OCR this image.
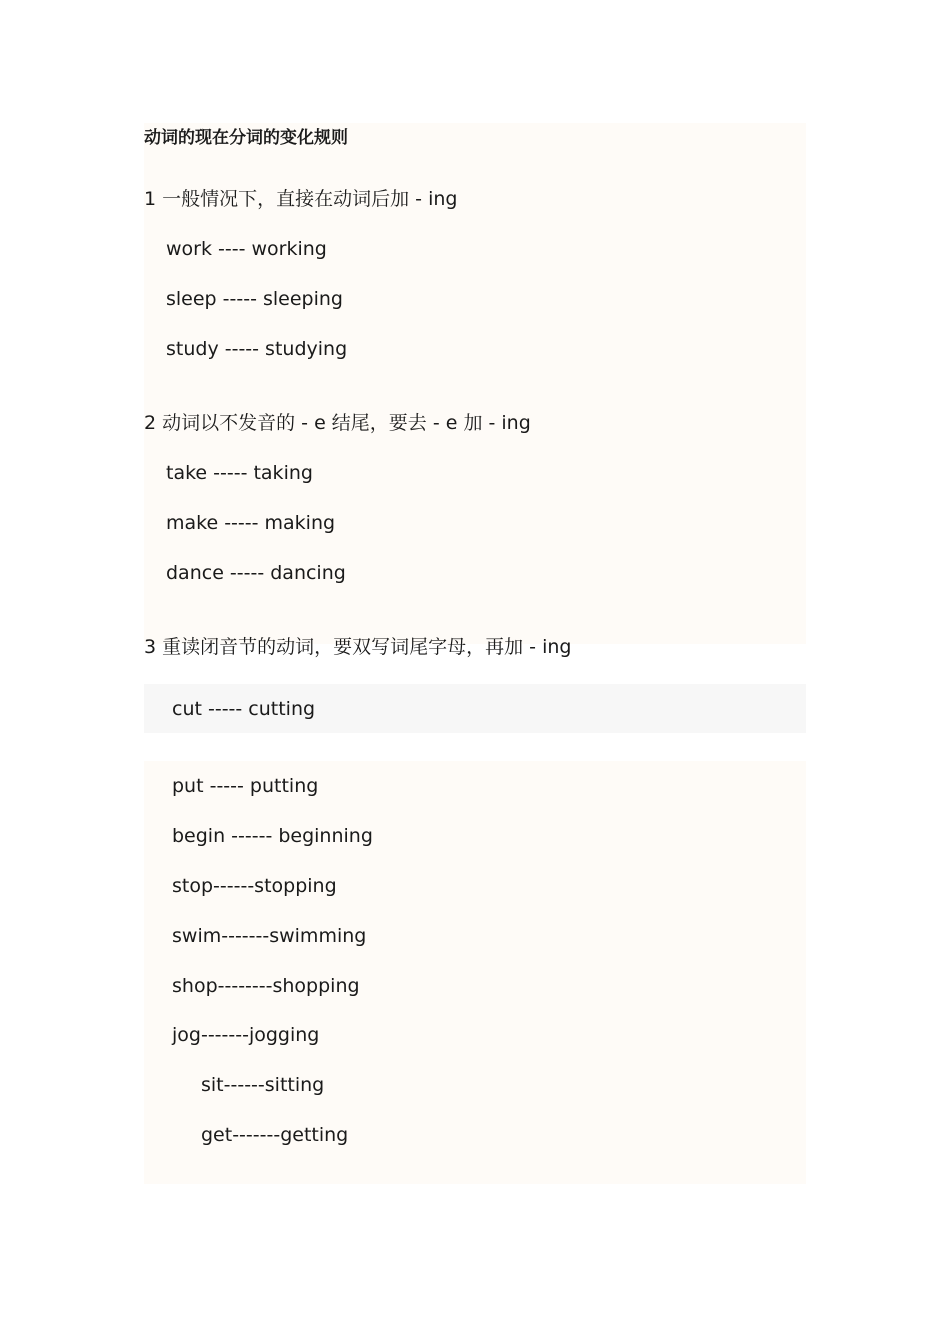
动词的现在分词的变化规则
1 一般情况下，直接在动词后加 - ing
work ---- working
sleep ----- sleeping
study ----- studying
2 动词以不发音的 - e 结尾，要去 - e 加 - ing
take ----- taking
make ----- making
dance ----- dancing
3 重读闭音节的动词，要双写词尾字母，再加 - ing
cut ----- cutting
put ----- putting
begin ------ beginning
stop------stopping
swim-------swimming
shop--------shopping
jog-------jogging
sit------sitting
get-------getting
